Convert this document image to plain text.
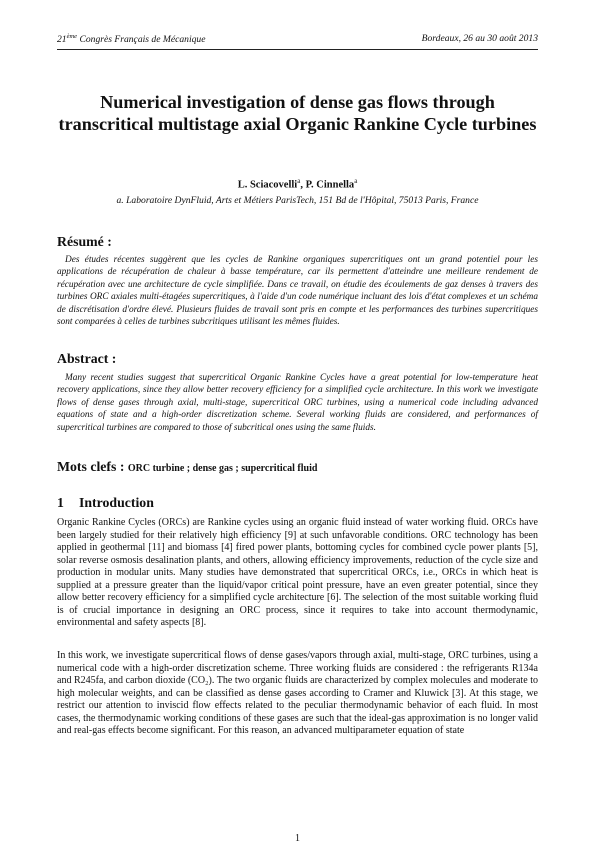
21ème Congrès Français de Mécanique	Bordeaux, 26 au 30 août 2013
Numerical investigation of dense gas flows through transcritical multistage axial Organic Rankine Cycle turbines
L. Sciacovelli$^a$, P. Cinnella$^a$
a. Laboratoire DynFluid, Arts et Métiers ParisTech, 151 Bd de l'Hôpital, 75013 Paris, France
Résumé :
Des études récentes suggèrent que les cycles de Rankine organiques supercritiques ont un grand potentiel pour les applications de récupération de chaleur à basse température, car ils permettent d'atteindre une meilleure rendement de récupération avec une architecture de cycle simplifiée. Dans ce travail, on étudie des écoulements de gaz denses à travers des turbines ORC axiales multi-étagées supercritiques, à l'aide d'un code numérique incluant des lois d'état complexes et un schéma de discrétisation d'ordre élevé. Plusieurs fluides de travail sont pris en compte et les performances des turbines supercritiques sont comparées à celles de turbines subcritiques utilisant les mêmes fluides.
Abstract :
Many recent studies suggest that supercritical Organic Rankine Cycles have a great potential for low-temperature heat recovery applications, since they allow better recovery efficiency for a simplified cycle architecture. In this work we investigate flows of dense gases through axial, multi-stage, supercritical ORC turbines, using a numerical code including advanced equations of state and a high-order discretization scheme. Several working fluids are considered, and performances of supercritical turbines are compared to those of subcritical ones using the same fluids.
Mots clefs : ORC turbine ; dense gas ; supercritical fluid
1 Introduction
Organic Rankine Cycles (ORCs) are Rankine cycles using an organic fluid instead of water working fluid. ORCs have been largely studied for their relatively high efficiency [9] at such unfavorable conditions. ORC technology has been applied in geothermal [11] and biomass [4] fired power plants, bottoming cycles for combined cycle power plants [5], solar reverse osmosis desalination plants, and others, allowing efficiency improvements, reduction of the cycle size and production in modular units. Many studies have demonstrated that supercritical ORCs, i.e., ORCs in which heat is supplied at a pressure greater than the liquid/vapor critical point pressure, have an even greater potential, since they allow better recovery efficiency for a simplified cycle architecture [6]. The selection of the most suitable working fluid is of crucial importance in designing an ORC process, since it requires to take into account thermodynamic, environmental and safety aspects [8].
In this work, we investigate supercritical flows of dense gases/vapors through axial, multi-stage, ORC turbines, using a numerical code with a high-order discretization scheme. Three working fluids are considered : the refrigerants R134a and R245fa, and carbon dioxide (CO₂). The two organic fluids are characterized by complex molecules and moderate to high molecular weights, and can be classified as dense gases according to Cramer and Kluwick [3]. At this stage, we restrict our attention to inviscid flow effects related to the peculiar thermodynamic behavior of each fluid. In most cases, the thermodynamic working conditions of these gases are such that the ideal-gas approximation is no longer valid and real-gas effects become significant. For this reason, an advanced multiparameter equation of state
1
